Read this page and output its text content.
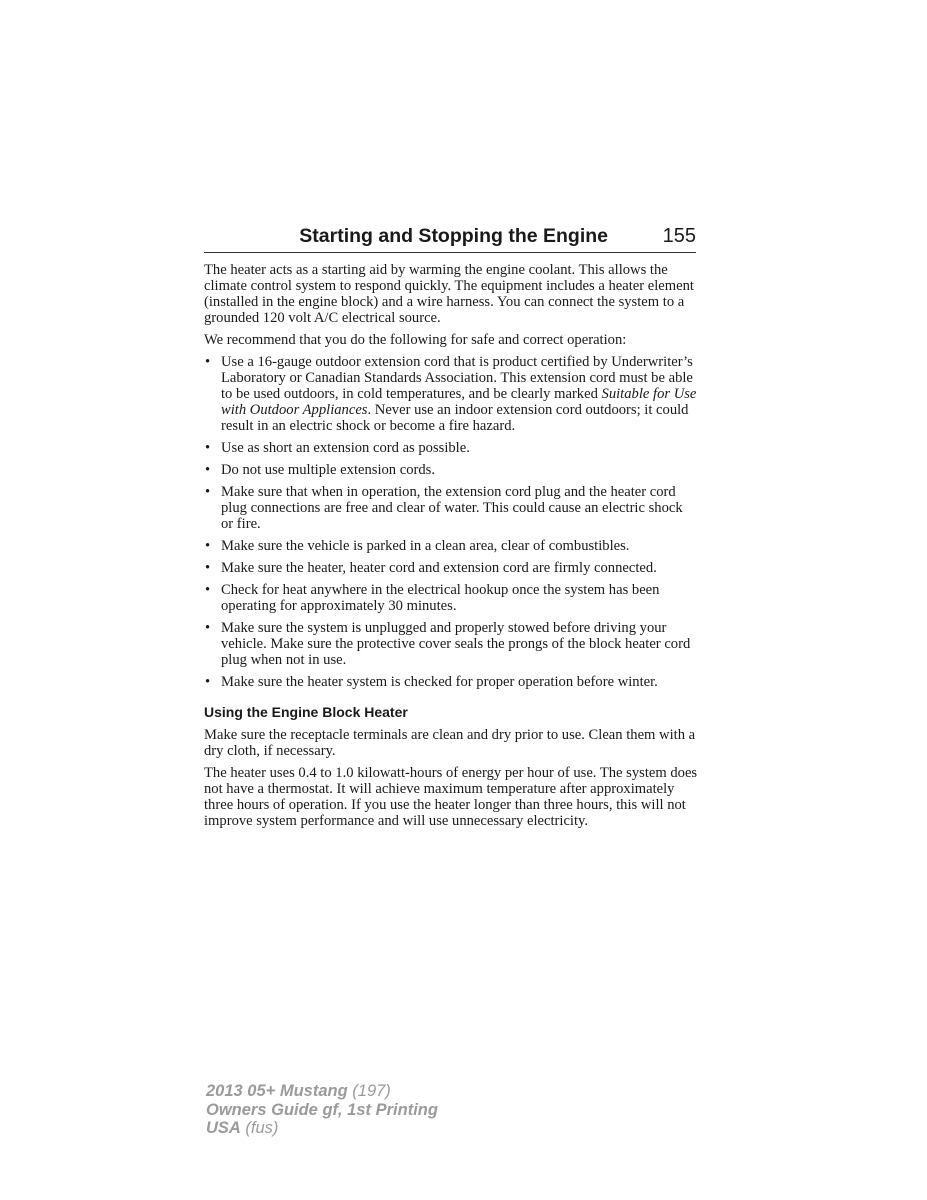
Starting and Stopping the Engine	155

The heater acts as a starting aid by warming the engine coolant. This allows the climate control system to respond quickly. The equipment includes a heater element (installed in the engine block) and a wire harness. You can connect the system to a grounded 120 volt A/C electrical source.

We recommend that you do the following for safe and correct operation:

• Use a 16-gauge outdoor extension cord that is product certified by Underwriter’s Laboratory or Canadian Standards Association. This extension cord must be able to be used outdoors, in cold temperatures, and be clearly marked Suitable for Use with Outdoor Appliances. Never use an indoor extension cord outdoors; it could result in an electric shock or become a fire hazard.
• Use as short an extension cord as possible.
• Do not use multiple extension cords.
• Make sure that when in operation, the extension cord plug and the heater cord plug connections are free and clear of water. This could cause an electric shock or fire.
• Make sure the vehicle is parked in a clean area, clear of combustibles.
• Make sure the heater, heater cord and extension cord are firmly connected.
• Check for heat anywhere in the electrical hookup once the system has been operating for approximately 30 minutes.
• Make sure the system is unplugged and properly stowed before driving your vehicle. Make sure the protective cover seals the prongs of the block heater cord plug when not in use.
• Make sure the heater system is checked for proper operation before winter.
Using the Engine Block Heater

Make sure the receptacle terminals are clean and dry prior to use. Clean them with a dry cloth, if necessary.

The heater uses 0.4 to 1.0 kilowatt-hours of energy per hour of use. The system does not have a thermostat. It will achieve maximum temperature after approximately three hours of operation. If you use the heater longer than three hours, this will not improve system performance and will use unnecessary electricity.

2013 05+ Mustang (197)
Owners Guide gf, 1st Printing
USA (fus)
